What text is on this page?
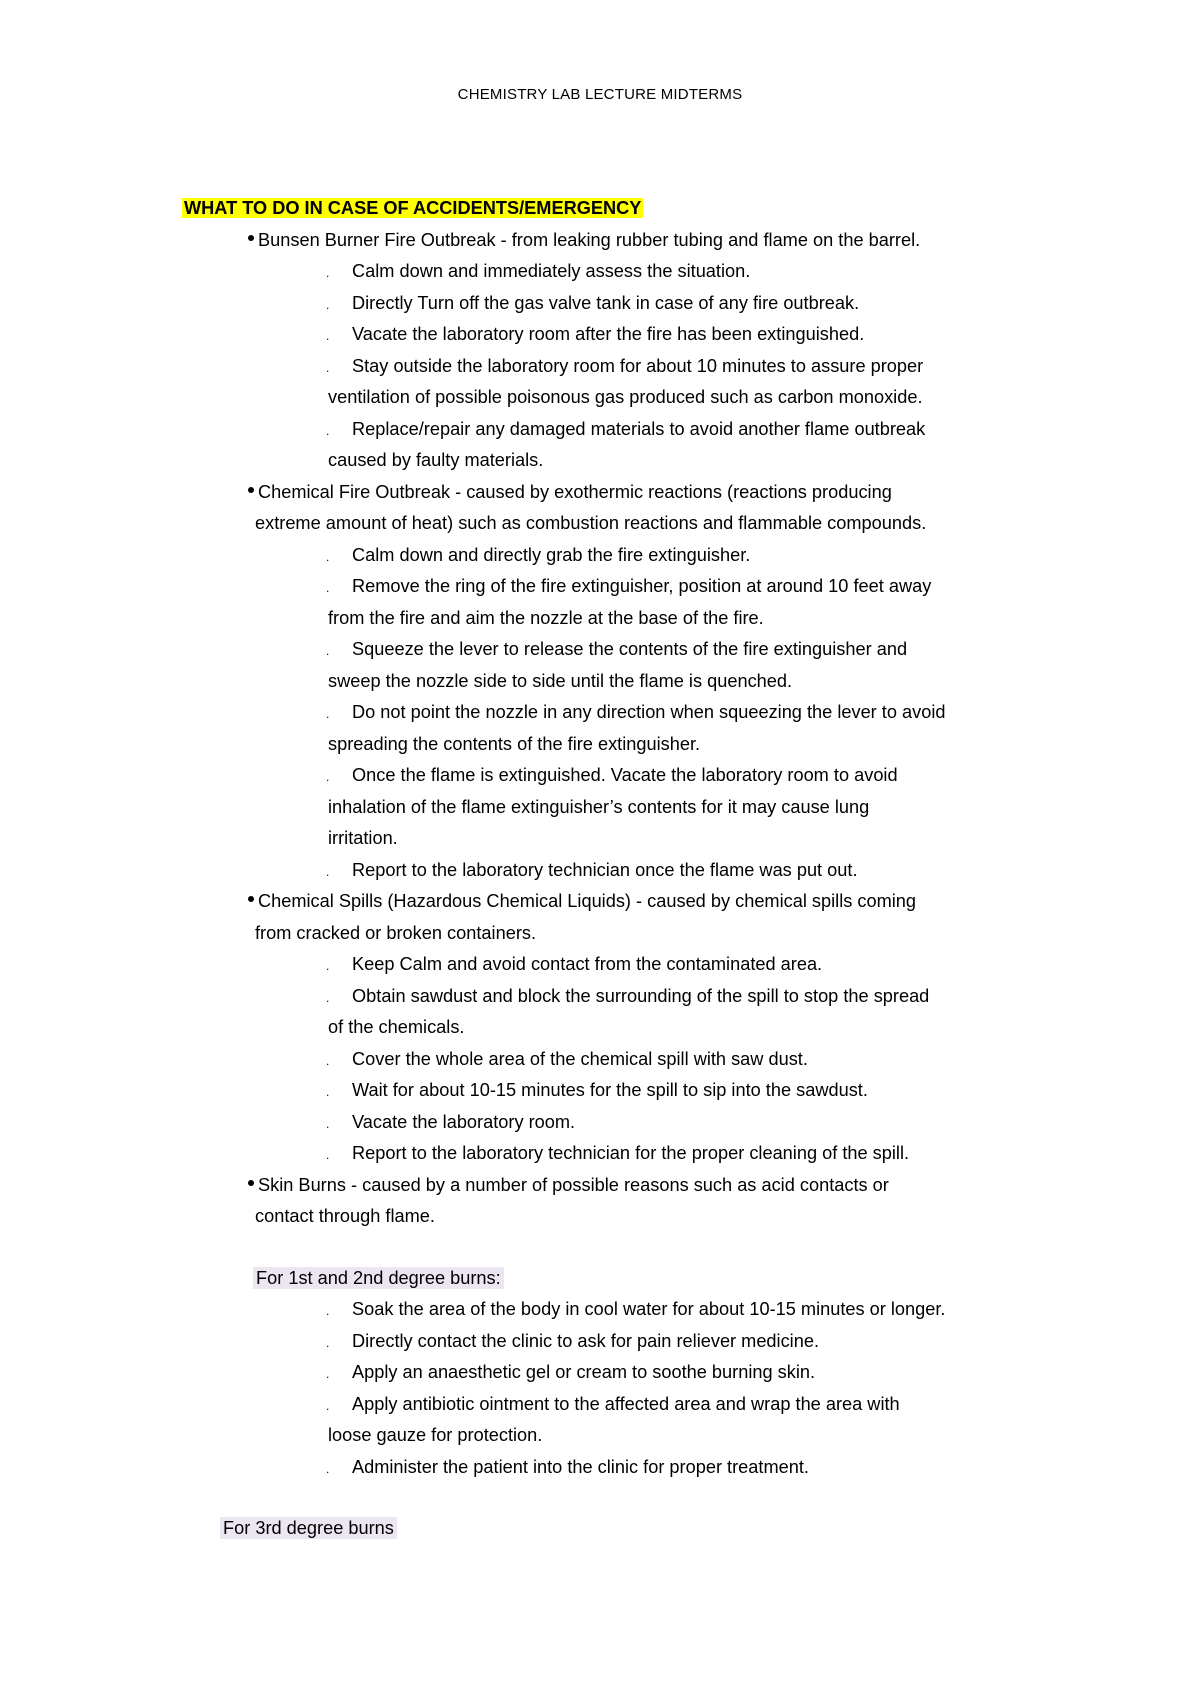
CHEMISTRY LAB LECTURE MIDTERMS
WHAT TO DO IN CASE OF ACCIDENTS/EMERGENCY
Bunsen Burner Fire Outbreak - from leaking rubber tubing and flame on the barrel.
. Calm down and immediately assess the situation.
. Directly Turn off the gas valve tank in case of any fire outbreak.
. Vacate the laboratory room after the fire has been extinguished.
. Stay outside the laboratory room for about 10 minutes to assure proper
ventilation of possible poisonous gas produced such as carbon monoxide.
. Replace/repair any damaged materials to avoid another flame outbreak
caused by faulty materials.
Chemical Fire Outbreak - caused by exothermic reactions (reactions producing
extreme amount of heat) such as combustion reactions and flammable compounds.
. Calm down and directly grab the fire extinguisher.
. Remove the ring of the fire extinguisher, position at around 10 feet away
from the fire and aim the nozzle at the base of the fire.
. Squeeze the lever to release the contents of the fire extinguisher and
sweep the nozzle side to side until the flame is quenched.
. Do not point the nozzle in any direction when squeezing the lever to avoid
spreading the contents of the fire extinguisher.
. Once the flame is extinguished. Vacate the laboratory room to avoid
inhalation of the flame extinguisher’s contents for it may cause lung
irritation.
. Report to the laboratory technician once the flame was put out.
Chemical Spills (Hazardous Chemical Liquids) - caused by chemical spills coming
from cracked or broken containers.
. Keep Calm and avoid contact from the contaminated area.
. Obtain sawdust and block the surrounding of the spill to stop the spread
of the chemicals.
. Cover the whole area of the chemical spill with saw dust.
. Wait for about 10-15 minutes for the spill to sip into the sawdust.
. Vacate the laboratory room.
. Report to the laboratory technician for the proper cleaning of the spill.
Skin Burns - caused by a number of possible reasons such as acid contacts or
contact through flame.
For 1st and 2nd degree burns:
. Soak the area of the body in cool water for about 10-15 minutes or longer.
. Directly contact the clinic to ask for pain reliever medicine.
. Apply an anaesthetic gel or cream to soothe burning skin.
. Apply antibiotic ointment to the affected area and wrap the area with
loose gauze for protection.
. Administer the patient into the clinic for proper treatment.
For 3rd degree burns
